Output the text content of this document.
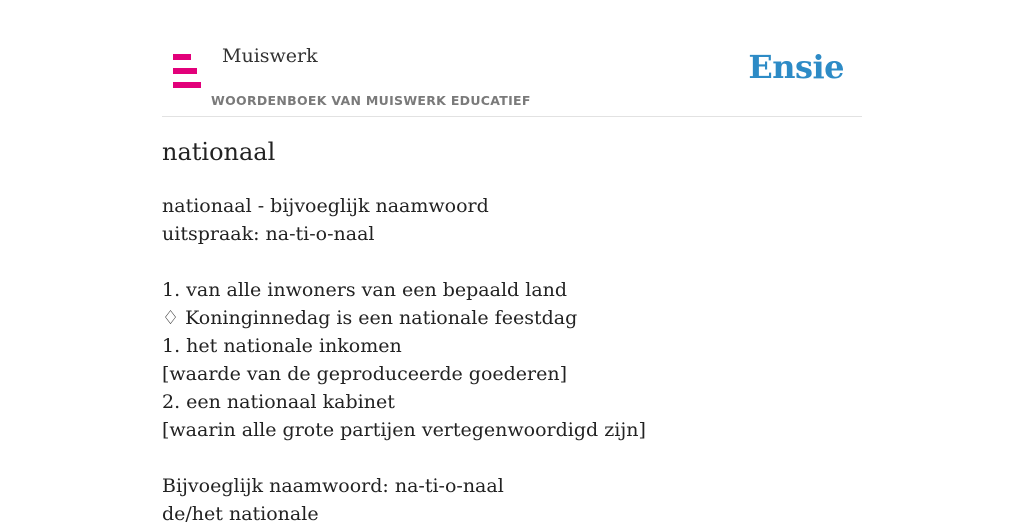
Muiswerk
WOORDENBOEK VAN MUISWERK EDUCATIEF
Ensie
nationaal
nationaal - bijvoeglijk naamwoord
uitspraak: na-ti-o-naal
1. van alle inwoners van een bepaald land
♢ Koninginnedag is een nationale feestdag
1. het nationale inkomen
[waarde van de geproduceerde goederen]
2. een nationaal kabinet
[waarin alle grote partijen vertegenwoordigd zijn]
Bijvoeglijk naamwoord: na-ti-o-naal
de/het nationale
